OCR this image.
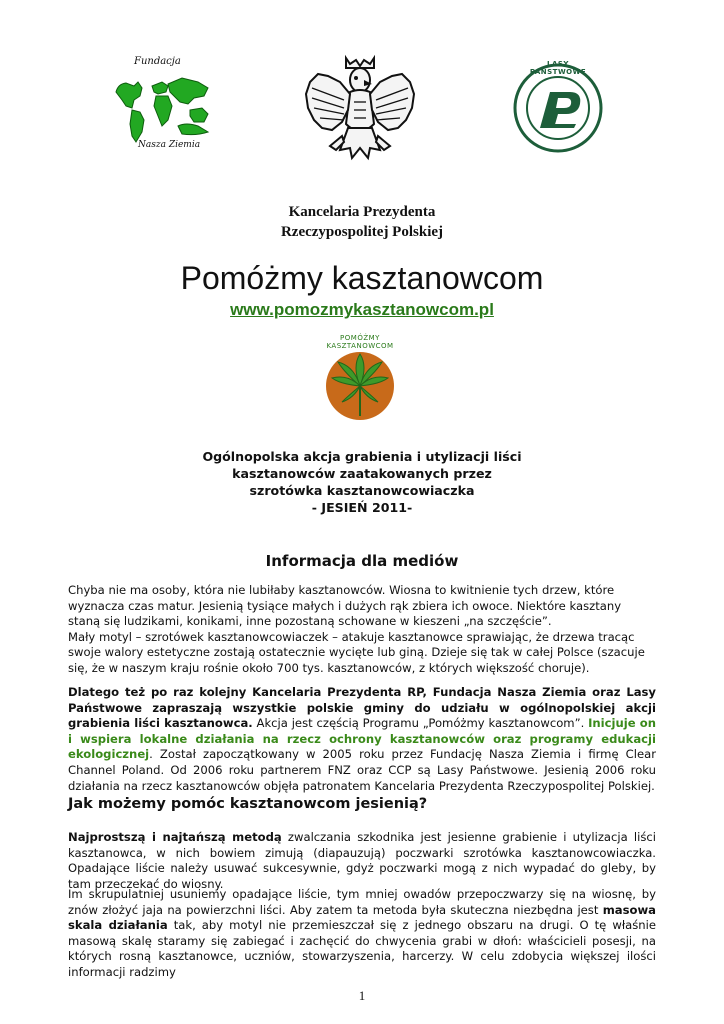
Fundacja
Nasza Ziemia
LASY PAŃSTWOWE
Kancelaria Prezydenta
Rzeczypospolitej Polskiej
Pomóżmy kasztanowcom
www.pomozmykasztanowcom.pl
POMÓŻMY KASZTANOWCOM
Ogólnopolska akcja grabienia i utylizacji liści
kasztanowców zaatakowanych przez
szrotówka kasztanowcowiaczka
- JESIEŃ 2011-
Informacja dla mediów
Chyba nie ma osoby, która nie lubiłaby kasztanowców. Wiosna to kwitnienie tych drzew, które wyznacza czas matur. Jesienią tysiące małych i dużych rąk zbiera ich owoce. Niektóre kasztany staną się ludzikami, konikami, inne pozostaną schowane w kieszeni „na szczęście”.
Mały motyl – szrotówek kasztanowcowiaczek – atakuje kasztanowce sprawiając, że drzewa tracąc swoje walory estetyczne zostają ostatecznie wycięte lub giną. Dzieje się tak w całej Polsce (szacuje się, że w naszym kraju rośnie około 700 tys. kasztanowców, z których większość choruje).
Dlatego też po raz kolejny Kancelaria Prezydenta RP, Fundacja Nasza Ziemia oraz Lasy Państwowe zapraszają wszystkie polskie gminy do udziału w ogólnopolskiej akcji grabienia liści kasztanowca. Akcja jest częścią Programu „Pomóżmy kasztanowcom”. Inicjuje on i wspiera lokalne działania na rzecz ochrony kasztanowców oraz programy edukacji ekologicznej. Został zapoczątkowany w 2005 roku przez Fundację Nasza Ziemia i firmę Clear Channel Poland. Od 2006 roku partnerem FNZ oraz CCP są Lasy Państwowe. Jesienią 2006 roku działania na rzecz kasztanowców objęła patronatem Kancelaria Prezydenta Rzeczypospolitej Polskiej.
Jak możemy pomóc kasztanowcom jesienią?
Najprostszą i najtańszą metodą zwalczania szkodnika jest jesienne grabienie i utylizacja liści kasztanowca, w nich bowiem zimują (diapauzują) poczwarki szrotówka kasztanowcowiaczka. Opadające liście należy usuwać sukcesywnie, gdyż poczwarki mogą z nich wypadać do gleby, by tam przeczekać do wiosny.
Im skrupulatniej usuniemy opadające liście, tym mniej owadów przepoczwarzy się na wiosnę, by znów złożyć jaja na powierzchni liści. Aby zatem ta metoda była skuteczna niezbędna jest masowa skala działania tak, aby motyl nie przemieszczał się z jednego obszaru na drugi. O tę właśnie masową skalę staramy się zabiegać i zachęcić do chwycenia grabi w dłoń: właścicieli posesji, na których rosną kasztanowce, uczniów, stowarzyszenia, harcerzy. W celu zdobycia większej ilości informacji radzimy
1
